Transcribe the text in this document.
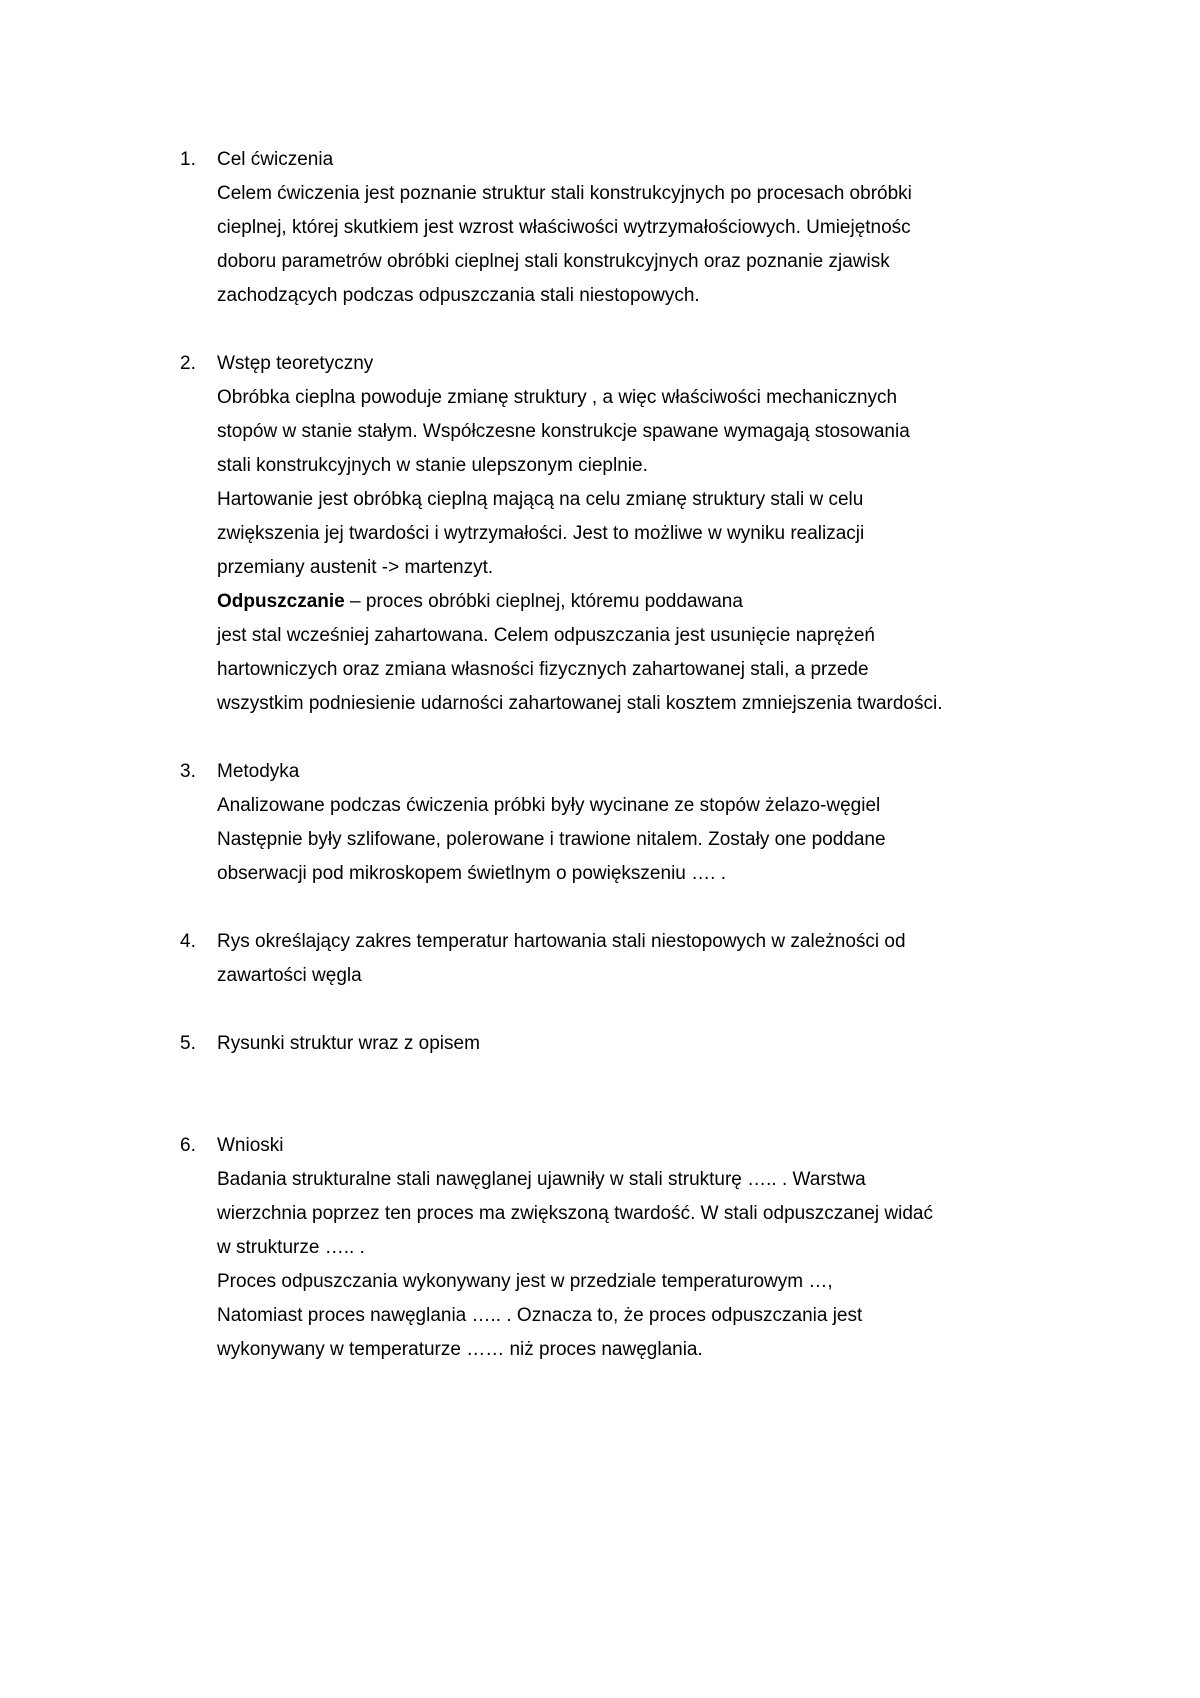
1.	Cel ćwiczenia
Celem ćwiczenia jest poznanie struktur stali konstrukcyjnych po procesach obróbki
cieplnej, której skutkiem jest wzrost właściwości wytrzymałościowych. Umiejętnośc
doboru parametrów obróbki cieplnej stali konstrukcyjnych oraz poznanie zjawisk
zachodzących podczas odpuszczania stali niestopowych.
2.	Wstęp teoretyczny
Obróbka cieplna powoduje zmianę struktury , a więc właściwości mechanicznych
stopów w stanie stałym. Współczesne konstrukcje spawane wymagają stosowania
stali konstrukcyjnych w stanie ulepszonym cieplnie.
Hartowanie jest obróbką cieplną mającą na celu zmianę struktury stali w celu
zwiększenia jej twardości i wytrzymałości. Jest to możliwe w wyniku realizacji
przemiany austenit -> martenzyt.
Odpuszczanie – proces obróbki cieplnej, któremu poddawana
jest stal wcześniej zahartowana. Celem odpuszczania jest usunięcie naprężeń
hartowniczych oraz zmiana własności fizycznych zahartowanej stali, a przede
wszystkim podniesienie udarności zahartowanej stali kosztem zmniejszenia twardości.
3.	Metodyka
Analizowane podczas ćwiczenia próbki były wycinane ze stopów żelazo-węgiel
Następnie były szlifowane, polerowane i trawione nitalem. Zostały one poddane
obserwacji pod mikroskopem świetlnym o powiększeniu …. .
4.	Rys określający zakres temperatur hartowania stali niestopowych w zależności od
zawartości węgla
5.	Rysunki struktur wraz z opisem
6.	Wnioski
Badania strukturalne stali nawęglanej ujawniły w stali strukturę ….. . Warstwa
wierzchnia poprzez ten proces ma zwiększoną twardość. W stali odpuszczanej widać
w strukturze ….. .
Proces odpuszczania wykonywany jest w przedziale temperaturowym …,
Natomiast proces nawęglania ….. . Oznacza to, że proces odpuszczania jest
wykonywany w temperaturze …… niż proces nawęglania.
